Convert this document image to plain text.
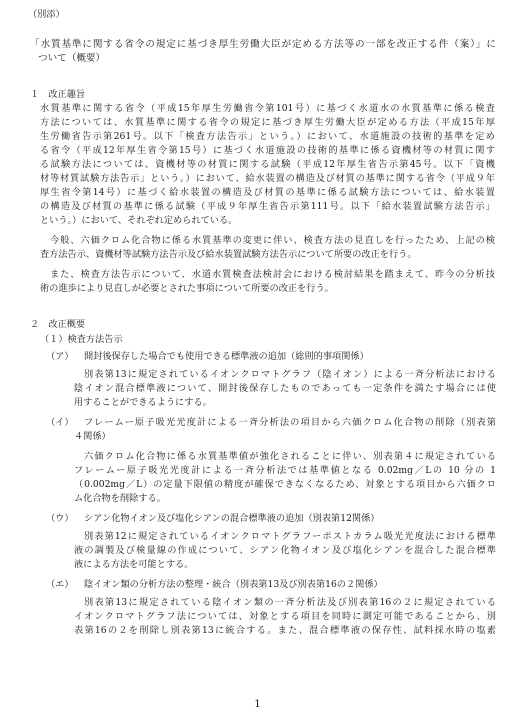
（別添）
「水質基準に関する省令の規定に基づき厚生労働大臣が定める方法等の一部を改正する件（案）」に
ついて（概要）
１　改正趣旨
水質基準に関する省令（平成15年厚生労働省令第101号）に基づく水道水の水質基準に係る検査
方法については、水質基準に関する省令の規定に基づき厚生労働大臣が定める方法（平成15年厚
生労働省告示第261号。以下「検査方法告示」という。）において、水道施設の技術的基準を定め
る省令（平成12年厚生省令第15号）に基づく水道施設の技術的基準に係る資機材等の材質に関す
る試験方法については、資機材等の材質に関する試験（平成12年厚生省告示第45号。以下「資機
材等材質試験方法告示」という。）において、給水装置の構造及び材質の基準に関する省令（平成９年
厚生省令第14号）に基づく給水装置の構造及び材質の基準に係る試験方法については、給水装置
の構造及び材質の基準に係る試験（平成９年厚生省告示第111号。以下「給水装置試験方法告示」
という。）において、それぞれ定められている。
今般、六価クロム化合物に係る水質基準の変更に伴い、検査方法の見直しを行ったため、上記の検
査方法告示、資機材等試験方法告示及び給水装置試験方法告示について所要の改正を行う。
また、検査方法告示について、水道水質検査法検討会における検討結果を踏まえて、昨今の分析技
術の進歩により見直しが必要とされた事項について所要の改正を行う。
２　改正概要
（１）検査方法告示
（ア） 開封後保存した場合でも使用できる標準液の追加（総則的事項関係）
別表第13に規定されているイオンクロマトグラフ（陰イオン）による一斉分析法における
陰イオン混合標準液について、開封後保存したものであっても一定条件を満たす場合には使
用することができるようにする。
（イ） フレームー原子吸光光度計による一斉分析法の項目から六価クロム化合物の削除（別表第
４関係）
六価クロム化合物に係る水質基準値が強化されることに伴い、別表第４に規定されている
フレームー原子吸光光度計による一斉分析法では基準値となる 0.02mg／Lの 10 分の 1
（0.002mg／L）の定量下限値の精度が確保できなくなるため、対象とする項目から六価クロ
ム化合物を削除する。
（ウ） シアン化物イオン及び塩化シアンの混合標準液の追加（別表第12関係）
別表第12に規定されているイオンクロマトグラフーポストカラム吸光光度法における標準
液の調製及び検量線の作成について、シアン化物イオン及び塩化シアンを混合した混合標準
液による方法を可能とする。
（エ） 陰イオン類の分析方法の整理・統合（別表第13及び別表第16の２関係）
別表第13に規定されている陰イオン類の一斉分析法及び別表第16の２に規定されている
イオンクロマトグラフ法については、対象とする項目を同時に測定可能であることから、別
表第16の２を削除し別表第13に統合する。また、混合標準液の保存性、試料採水時の塩素
1
